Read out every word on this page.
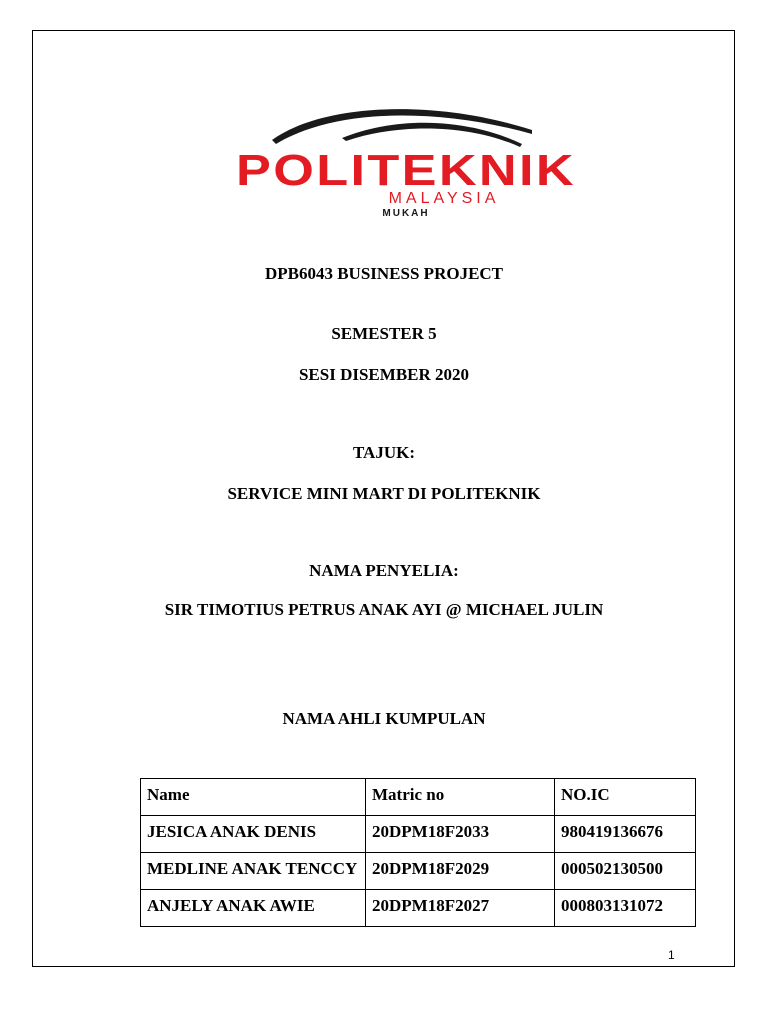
POLITEKNIK
MALAYSIA
MUKAH
DPB6043 BUSINESS PROJECT
SEMESTER 5
SESI DISEMBER 2020
TAJUK:
SERVICE MINI MART DI POLITEKNIK
NAMA PENYELIA:
SIR TIMOTIUS PETRUS ANAK AYI @ MICHAEL JULIN
NAMA AHLI KUMPULAN
Name	Matric no	NO.IC
JESICA ANAK DENIS	20DPM18F2033	980419136676
MEDLINE ANAK TENCCY	20DPM18F2029	000502130500
ANJELY ANAK AWIE	20DPM18F2027	000803131072
1
